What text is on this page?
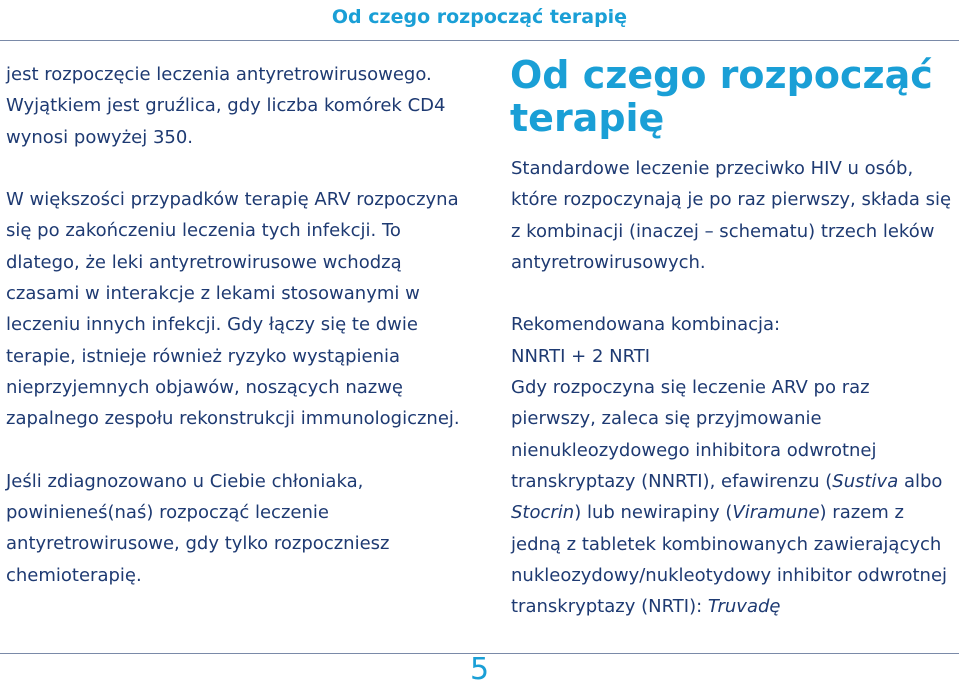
Od czego rozpocząć terapię

jest rozpoczęcie leczenia antyretrowirusowego. Wyjątkiem jest gruźlica, gdy liczba komórek CD4 wynosi powyżej 350.

W większości przypadków terapię ARV rozpoczyna się po zakończeniu leczenia tych infekcji. To dlatego, że leki antyretrowirusowe wchodzą czasami w interakcje z lekami stosowanymi w leczeniu innych infekcji. Gdy łączy się te dwie terapie, istnieje również ryzyko wystąpienia nieprzyjemnych objawów, noszących nazwę zapalnego zespołu rekonstrukcji immunologicznej.

Jeśli zdiagnozowano u Ciebie chłoniaka, powinieneś(naś) rozpocząć leczenie antyretrowirusowe, gdy tylko rozpoczniesz chemioterapię.

Od czego rozpocząć terapię

Standardowe leczenie przeciwko HIV u osób, które rozpoczynają je po raz pierwszy, składa się z kombinacji (inaczej – schematu) trzech leków antyretrowirusowych.

Rekomendowana kombinacja:

NNRTI + 2 NRTI

Gdy rozpoczyna się leczenie ARV po raz pierwszy, zaleca się przyjmowanie nienukleozydowego inhibitora odwrotnej transkryptazy (NNRTI), efawirenzu (Sustiva albo Stocrin) lub newirapiny (Viramune) razem z jedną z tabletek kombinowanych zawierających nukleozydowy/nukleotydowy inhibitor odwrotnej transkryptazy (NRTI): Truvadę

5
